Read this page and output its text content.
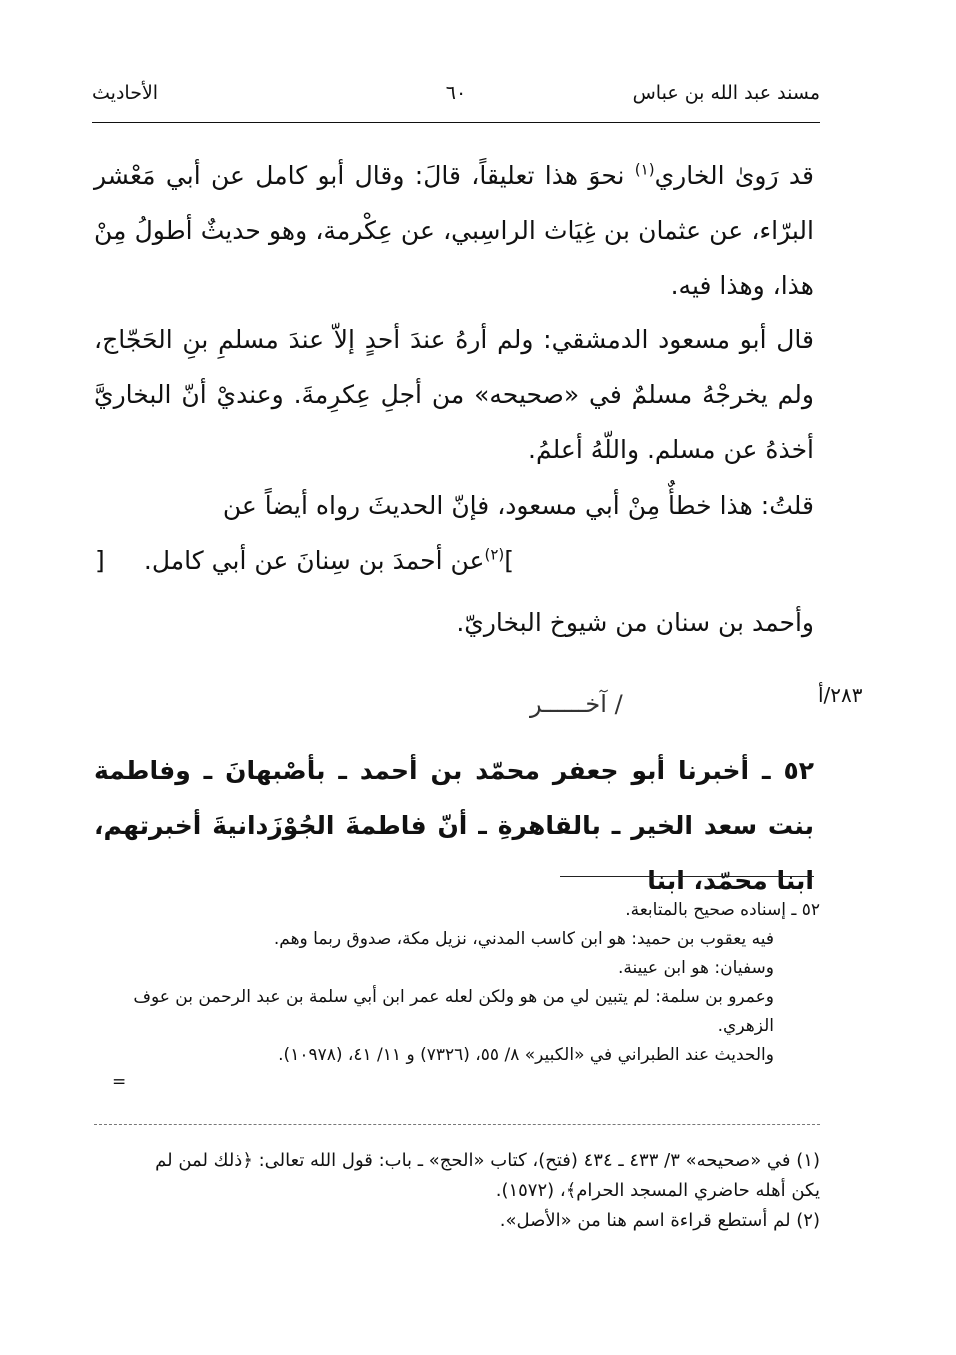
مسند عبد الله بن عباس
٦٠
الأحاديث
قد رَوىٰ الخاري$^{(١)}$ نحوَ هذا تعليقاً، قالَ: وقال أبو كامل عن أبي مَعْشر البرّاء، عن عثمان بن غِيَاث الراسِبي، عن عِكْرمة، وهو حديثٌ أطولُ مِنْ هذا، وهذا فيه.
قال أبو مسعود الدمشقي: ولم أرهُ عندَ أحدٍ إلاّ عندَ مسلمِ بنِ الحَجّاج، ولم يخرجْهُ مسلمٌ في «صحيحه» من أجلِ عِكرِمةَ. وعنديْ أنّ البخاريَّ أخذهُ عن مسلم. واللّهُ أعلمُ.
قلتُ: هذا خطأٌ مِنْ أبي مسعود، فإنّ الحديثَ رواه أيضاً عن
]$^{(٢)}$عن أحمدَ بن سِنانَ عن أبي كامل.
[
وأحمد بن سنان من شيوخ البخاريّ.
٢٨٣/أ
/ آخــــــر
٥٢ ـ أخبرنا أبو جعفر محمّد بن أحمد ـ بأصْبهانَ ـ وفاطمة بنت سعد الخير ـ بالقاهرةِ ـ أنّ فاطمةَ الجُوْزَدانيةَ أخبرتهم، ابنا محمّد، ابنا
٥٢ ـ إسناده صحيح بالمتابعة.
فيه يعقوب بن حميد: هو ابن كاسب المدني، نزيل مكة، صدوق ربما وهم.
وسفيان: هو ابن عيينة.
وعمرو بن سلمة: لم يتبين لي من هو ولكن لعله عمر ابن أبي سلمة بن عبد الرحمن بن عوف
الزهري.
والحديث عند الطبراني في «الكبير» ٨/ ٥٥، (٧٣٢٦) و ١١/ ٤١، (١٠٩٧٨).
=
(١) في «صحيحه» ٣/ ٤٣٣ ـ ٤٣٤ (فتح)، كتاب «الحج» ـ باب: قول الله تعالى: ﴿ذلك لمن لم
يكن أهله حاضري المسجد الحرام﴾، (١٥٧٢).
(٢) لم أستطع قراءة اسم هنا من «الأصل».
